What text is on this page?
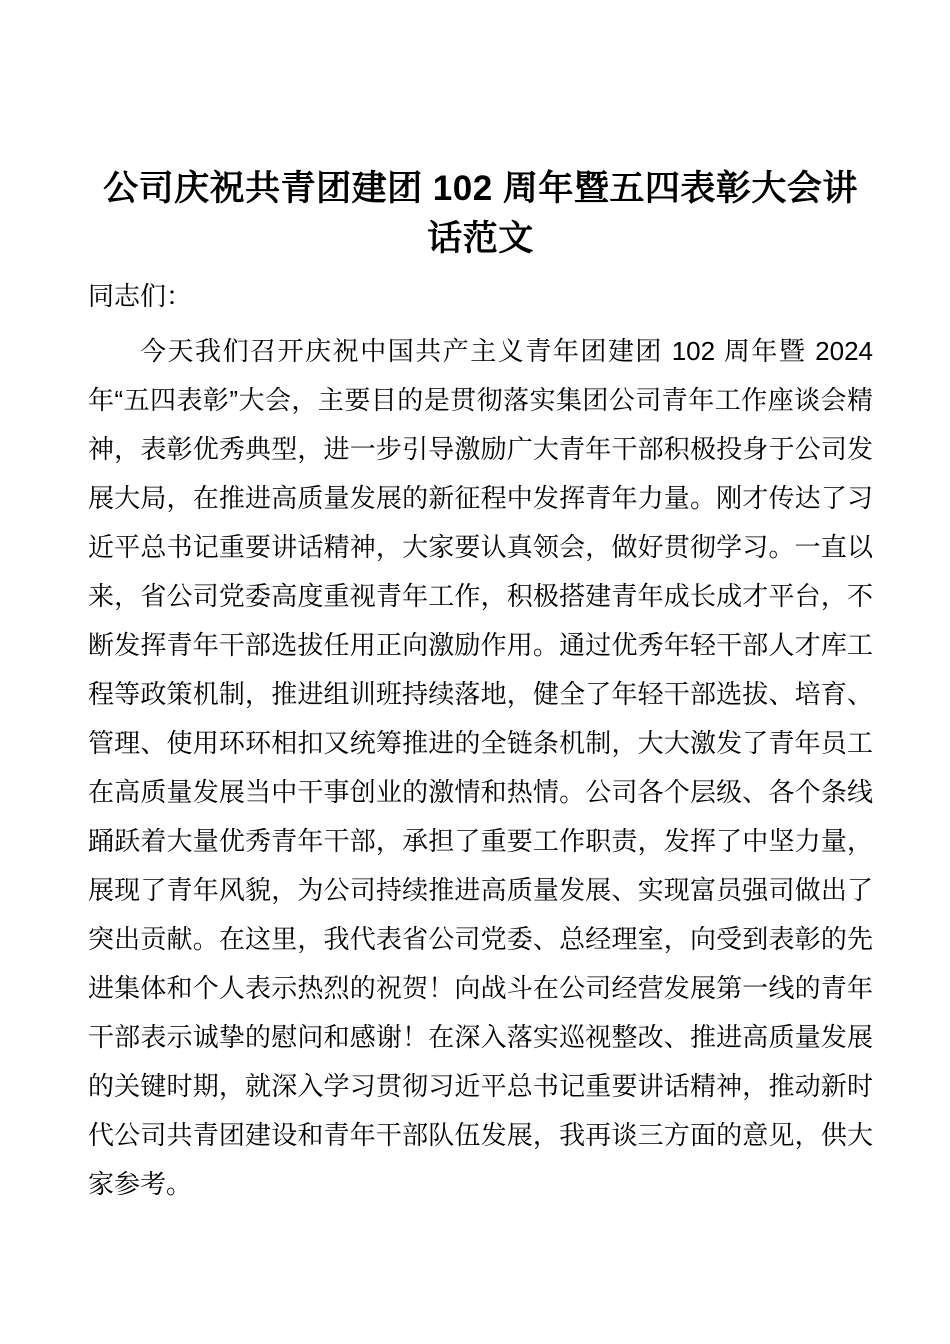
公司庆祝共青团建团 102 周年暨五四表彰大会讲话范文

同志们：

今天我们召开庆祝中国共产主义青年团建团 102 周年暨 2024 年“五四表彰”大会，主要目的是贯彻落实集团公司青年工作座谈会精神，表彰优秀典型，进一步引导激励广大青年干部积极投身于公司发展大局，在推进高质量发展的新征程中发挥青年力量。刚才传达了习近平总书记重要讲话精神，大家要认真领会，做好贯彻学习。一直以来，省公司党委高度重视青年工作，积极搭建青年成长成才平台，不断发挥青年干部选拔任用正向激励作用。通过优秀年轻干部人才库工程等政策机制，推进组训班持续落地，健全了年轻干部选拔、培育、管理、使用环环相扣又统筹推进的全链条机制，大大激发了青年员工在高质量发展当中干事创业的激情和热情。公司各个层级、各个条线踊跃着大量优秀青年干部，承担了重要工作职责，发挥了中坚力量，展现了青年风貌，为公司持续推进高质量发展、实现富员强司做出了突出贡献。在这里，我代表省公司党委、总经理室，向受到表彰的先进集体和个人表示热烈的祝贺！向战斗在公司经营发展第一线的青年干部表示诚挚的慰问和感谢！在深入落实巡视整改、推进高质量发展的关键时期，就深入学习贯彻习近平总书记重要讲话精神，推动新时代公司共青团建设和青年干部队伍发展，我再谈三方面的意见，供大家参考。
